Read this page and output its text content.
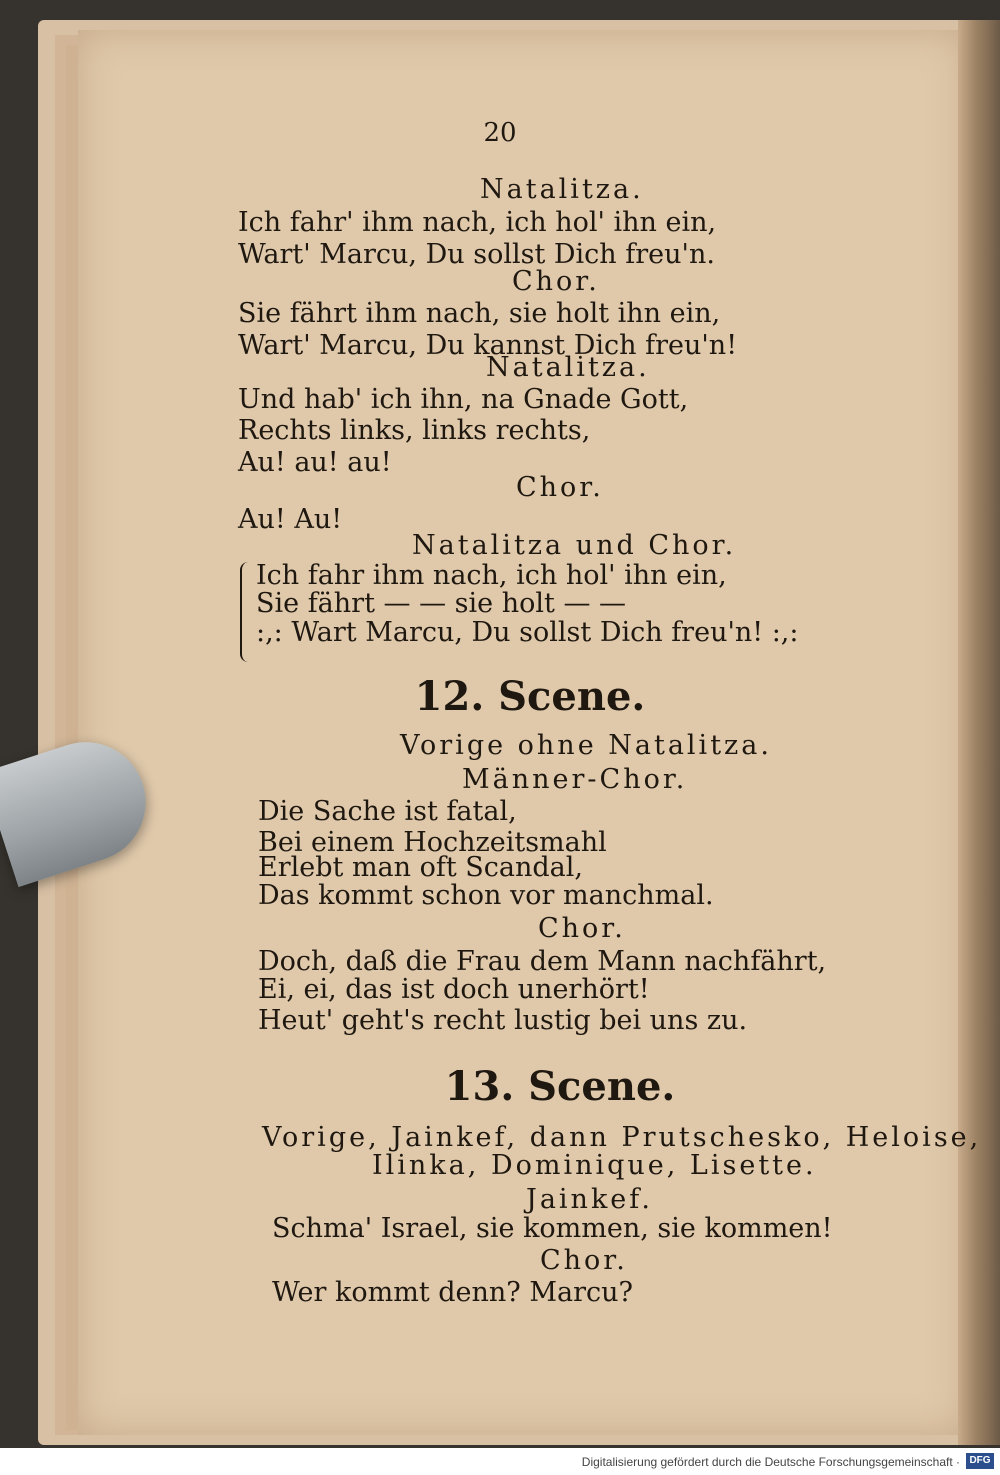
20
Natalitza.
Ich fahr' ihm nach, ich hol' ihn ein,
Wart' Marcu, Du sollst Dich freu'n.
Chor.
Sie fährt ihm nach, sie holt ihn ein,
Wart' Marcu, Du kannst Dich freu'n!
Natalitza.
Und hab' ich ihn, na Gnade Gott,
Rechts links, links rechts,
Au! au! au!
Chor.
Au! Au!
Natalitza und Chor.
Ich fahr ihm nach, ich hol' ihn ein,
Sie fährt — — sie holt — —
:,: Wart Marcu, Du sollst Dich freu'n! :,:
12. Scene.
Vorige ohne Natalitza.
Männer-Chor.
Die Sache ist fatal,
Bei einem Hochzeitsmahl
Erlebt man oft Scandal,
Das kommt schon vor manchmal.
Chor.
Doch, daß die Frau dem Mann nachfährt,
Ei, ei, das ist doch unerhört!
Heut' geht's recht lustig bei uns zu.
13. Scene.
Vorige, Jainkef, dann Prutschesko, Heloise,
Ilinka, Dominique, Lisette.
Jainkef.
Schma' Israel, sie kommen, sie kommen!
Chor.
Wer kommt denn? Marcu?
Digitalisierung gefördert durch die Deutsche Forschungsgemeinschaft · DFG
